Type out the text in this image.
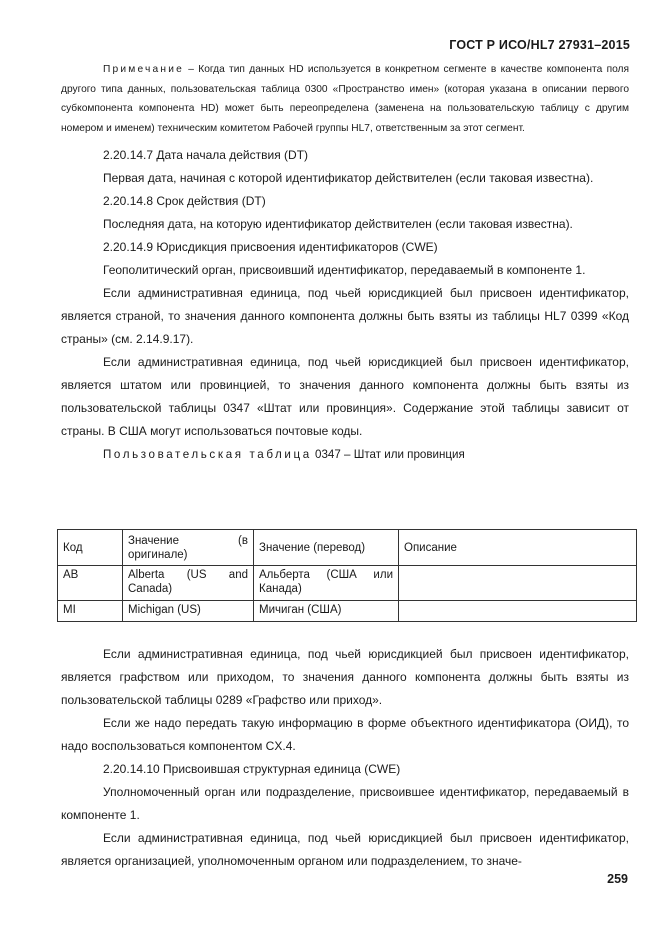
ГОСТ Р ИСО/HL7 27931–2015

Примечание – Когда тип данных HD используется в конкретном сегменте в качестве компонента поля другого типа данных, пользовательская таблица 0300 «Пространство имен» (которая указана в описании первого субкомпонента компонента HD) может быть переопределена (заменена на пользовательскую таблицу с другим номером и именем) техническим комитетом Рабочей группы HL7, ответственным за этот сегмент.

2.20.14.7 Дата начала действия (DT)

Первая дата, начиная с которой идентификатор действителен (если таковая известна).

2.20.14.8 Срок действия (DT)

Последняя дата, на которую идентификатор действителен (если таковая известна).

2.20.14.9 Юрисдикция присвоения идентификаторов (CWE)

Геополитический орган, присвоивший идентификатор, передаваемый в компоненте 1.

Если административная единица, под чьей юрисдикцией был присвоен идентификатор, является страной, то значения данного компонента должны быть взяты из таблицы HL7 0399 «Код страны» (см. 2.14.9.17).

Если административная единица, под чьей юрисдикцией был присвоен идентификатор, является штатом или провинцией, то значения данного компонента должны быть взяты из пользовательской таблицы 0347 «Штат или провинция». Содержание этой таблицы зависит от страны. В США могут использоваться почтовые коды.

Пользовательская таблица 0347 – Штат или провинция

Код	Значение (в оригинале)	Значение (перевод)	Описание
AB	Alberta (US and Canada)	Альберта (США или Канада)	
MI	Michigan (US)	Мичиган (США)	

Если административная единица, под чьей юрисдикцией был присвоен идентификатор, является графством или приходом, то значения данного компонента должны быть взяты из пользовательской таблицы 0289 «Графство или приход».

Если же надо передать такую информацию в форме объектного идентификатора (ОИД), то надо воспользоваться компонентом CX.4.

2.20.14.10 Присвоившая структурная единица (CWE)

Уполномоченный орган или подразделение, присвоившее идентификатор, передаваемый в компоненте 1.

Если административная единица, под чьей юрисдикцией был присвоен идентификатор, является организацией, уполномоченным органом или подразделением, то значе-

259
